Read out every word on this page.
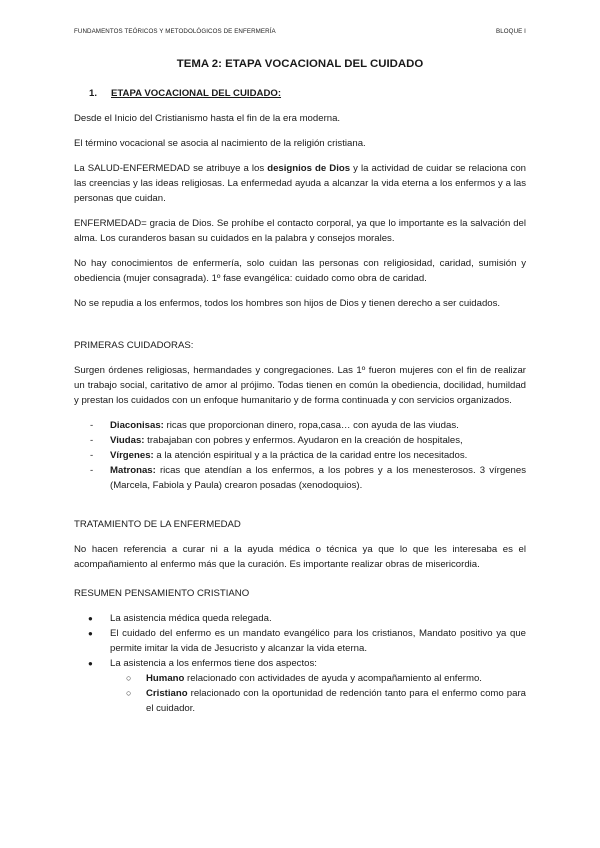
FUNDAMENTOS TEÓRICOS Y METODOLÓGICOS DE ENFERMERÍA	BLOQUE I
TEMA 2: ETAPA VOCACIONAL DEL CUIDADO
1. ETAPA VOCACIONAL DEL CUIDADO:

Desde el Inicio del Cristianismo hasta el fin de la era moderna.

El término vocacional se asocia al nacimiento de la religión cristiana.

La SALUD-ENFERMEDAD se atribuye a los designios de Dios y la actividad de cuidar se relaciona con las creencias y las ideas religiosas. La enfermedad ayuda a alcanzar la vida eterna a los enfermos y a las personas que cuidan.

ENFERMEDAD= gracia de Dios. Se prohíbe el contacto corporal, ya que lo importante es la salvación del alma. Los curanderos basan su cuidados en la palabra y consejos morales.

No hay conocimientos de enfermería, solo cuidan las personas con religiosidad, caridad, sumisión y obediencia (mujer consagrada). 1º fase evangélica: cuidado como obra de caridad.

No se repudia a los enfermos, todos los hombres son hijos de Dios y tienen derecho a ser cuidados.

PRIMERAS CUIDADORAS:

Surgen órdenes religiosas, hermandades y congregaciones. Las 1º fueron mujeres con el fin de realizar un trabajo social, caritativo de amor al prójimo. Todas tienen en común la obediencia, docilidad, humildad y prestan los cuidados con un enfoque humanitario y de forma continuada y con servicios organizados.

- Diaconisas: ricas que proporcionan dinero, ropa,casa… con ayuda de las viudas.
- Viudas: trabajaban con pobres y enfermos. Ayudaron en la creación de hospitales,
- Vírgenes: a la atención espiritual y a la práctica de la caridad entre los necesitados.
- Matronas: ricas que atendían a los enfermos, a los pobres y a los menesterosos. 3 vírgenes (Marcela, Fabiola y Paula) crearon posadas (xenodoquios).
TRATAMIENTO DE LA ENFERMEDAD

No hacen referencia a curar ni a la ayuda médica o técnica ya que lo que les interesaba es el acompañamiento al enfermo más que la curación. Es importante realizar obras de misericordia.

RESUMEN PENSAMIENTO CRISTIANO
● La asistencia médica queda relegada.
● El cuidado del enfermo es un mandato evangélico para los cristianos, Mandato positivo ya que permite imitar la vida de Jesucristo y alcanzar la vida eterna.
● La asistencia a los enfermos tiene dos aspectos:
○ Humano relacionado con actividades de ayuda y acompañamiento al enfermo.
○ Cristiano relacionado con la oportunidad de redención tanto para el enfermo como para el cuidador.
